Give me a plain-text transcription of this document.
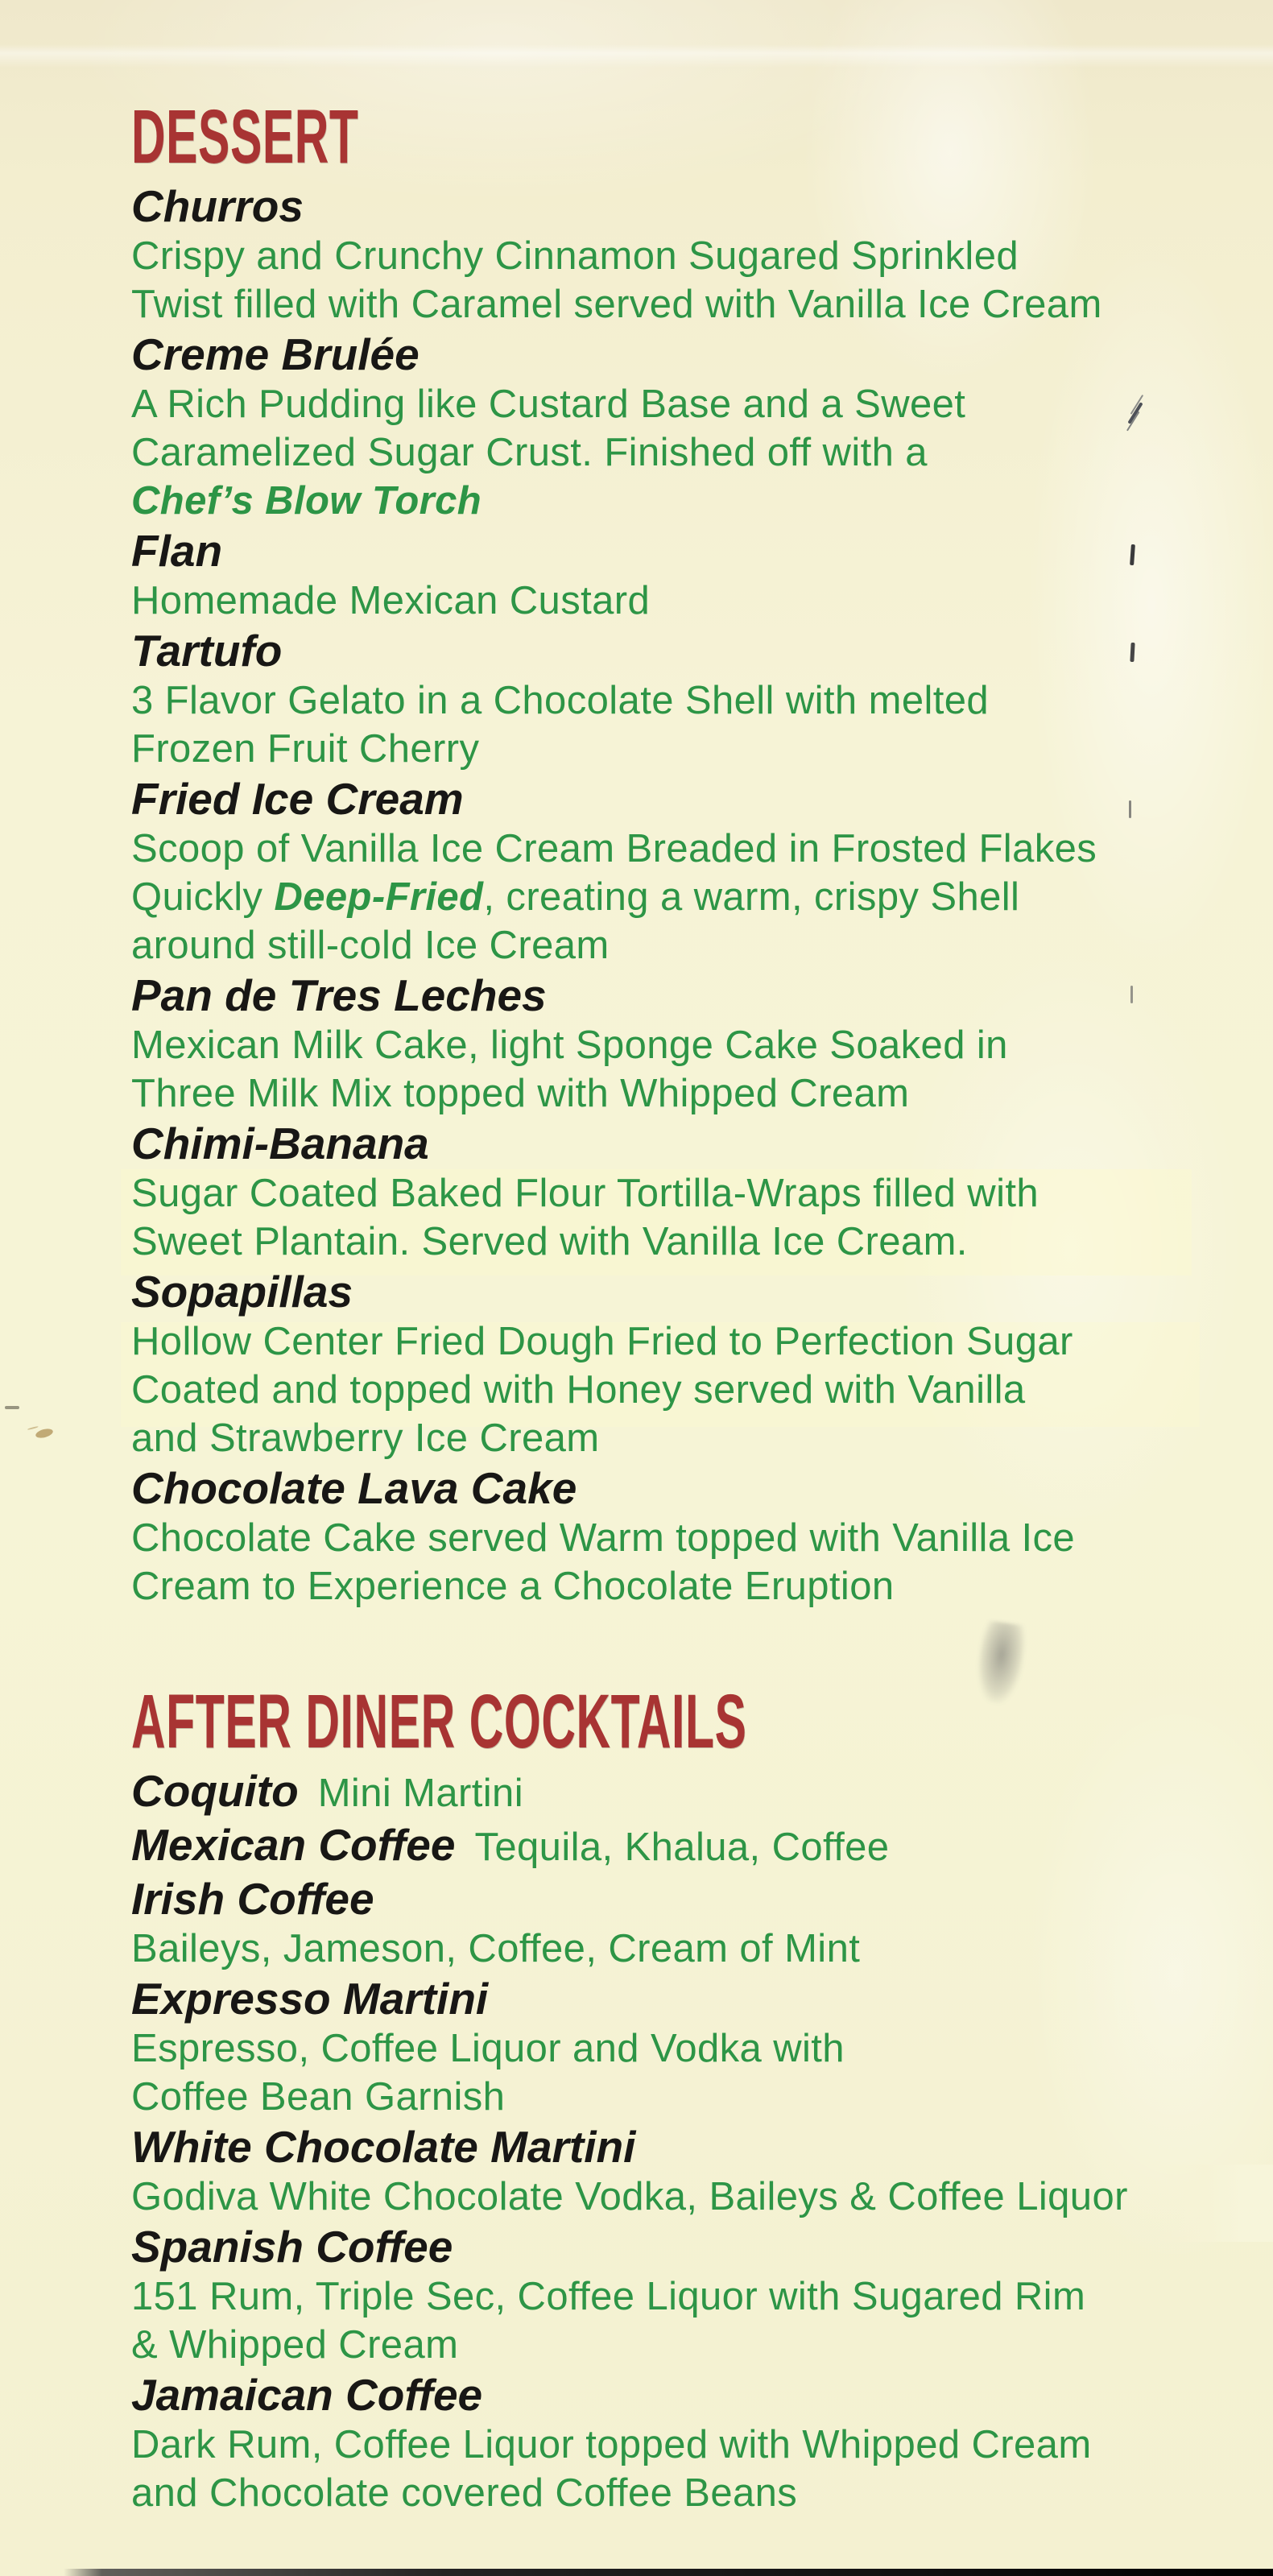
DESSERT
Churros
Crispy and Crunchy Cinnamon Sugared Sprinkled
Twist filled with Caramel served with Vanilla Ice Cream
Creme Brulée
A Rich Pudding like Custard Base and a Sweet
Caramelized Sugar Crust. Finished off with a
Chef’s Blow Torch
Flan
Homemade Mexican Custard
Tartufo
3 Flavor Gelato in a Chocolate Shell with melted
Frozen Fruit Cherry
Fried Ice Cream
Scoop of Vanilla Ice Cream Breaded in Frosted Flakes
Quickly Deep-Fried, creating a warm, crispy Shell
around still-cold Ice Cream
Pan de Tres Leches
Mexican Milk Cake, light Sponge Cake Soaked in
Three Milk Mix topped with Whipped Cream
Chimi-Banana
Sugar Coated Baked Flour Tortilla-Wraps filled with
Sweet Plantain. Served with Vanilla Ice Cream.
Sopapillas
Hollow Center Fried Dough Fried to Perfection Sugar
Coated and topped with Honey served with Vanilla
and Strawberry Ice Cream
Chocolate Lava Cake
Chocolate Cake served Warm topped with Vanilla Ice
Cream to Experience a Chocolate Eruption
AFTER DINER COCKTAILS
Coquito Mini Martini
Mexican Coffee Tequila, Khalua, Coffee
Irish Coffee
Baileys, Jameson, Coffee, Cream of Mint
Expresso Martini
Espresso, Coffee Liquor and Vodka with
Coffee Bean Garnish
White Chocolate Martini
Godiva White Chocolate Vodka, Baileys & Coffee Liquor
Spanish Coffee
151 Rum, Triple Sec, Coffee Liquor with Sugared Rim
& Whipped Cream
Jamaican Coffee
Dark Rum, Coffee Liquor topped with Whipped Cream
and Chocolate covered Coffee Beans
